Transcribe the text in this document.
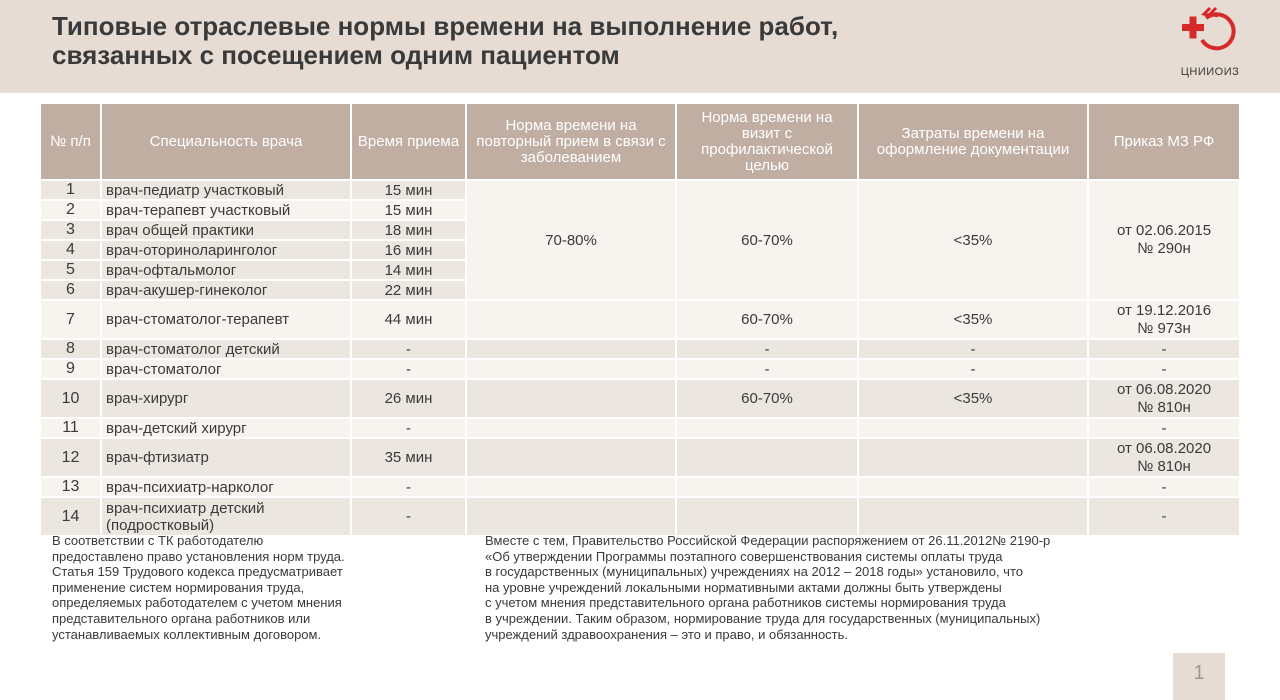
Типовые отраслевые нормы времени на выполнение работ,
связанных с посещением одним пациентом
ЦНИИОИЗ
№ п/п	Специальность врача	Время приема	Норма времени на повторный прием в связи с заболеванием	Норма времени на визит с профилактической целью	Затраты времени на оформление документации	Приказ МЗ РФ
1	врач-педиатр участковый	15 мин	70-80%	60-70%	<35%	от 02.06.2015
№ 290н

2	врач-терапевт участковый	15 мин				
3	врач общей практики	18 мин				
4	врач-оториноларинголог	16 мин				
5	врач-офтальмолог	14 мин				
6	врач-акушер-гинеколог	22 мин				
7	врач-стоматолог-терапевт	44 мин		60-70%	<35%	от 19.12.2016
№ 973н

8	врач-стоматолог детский	-		-	-	-
9	врач-стоматолог	-		-	-	-
10	врач-хирург	26 мин		60-70%	<35%	от 06.08.2020
№ 810н

11	врач-детский хирург	-				-
12	врач-фтизиатр	35 мин				от 06.08.2020
№ 810н

13	врач-психиатр-нарколог	-				-
14	врач-психиатр детский
(подростковый)	-				-
В соответствии с ТК работодателю
предоставлено право установления норм труда.
Статья 159 Трудового кодекса предусматривает
применение систем нормирования труда,
определяемых работодателем с учетом мнения
представительного органа работников или
устанавливаемых коллективным договором.
Вместе с тем, Правительство Российской Федерации распоряжением от 26.11.2012№ 2190-р
«Об утверждении Программы поэтапного совершенствования системы оплаты труда
в государственных (муниципальных) учреждениях на 2012 – 2018 годы» установило, что
на уровне учреждений локальными нормативными актами должны быть утверждены
с учетом мнения представительного органа работников системы нормирования труда
в учреждении. Таким образом, нормирование труда для государственных (муниципальных)
учреждений здравоохранения – это и право, и обязанность.
1
